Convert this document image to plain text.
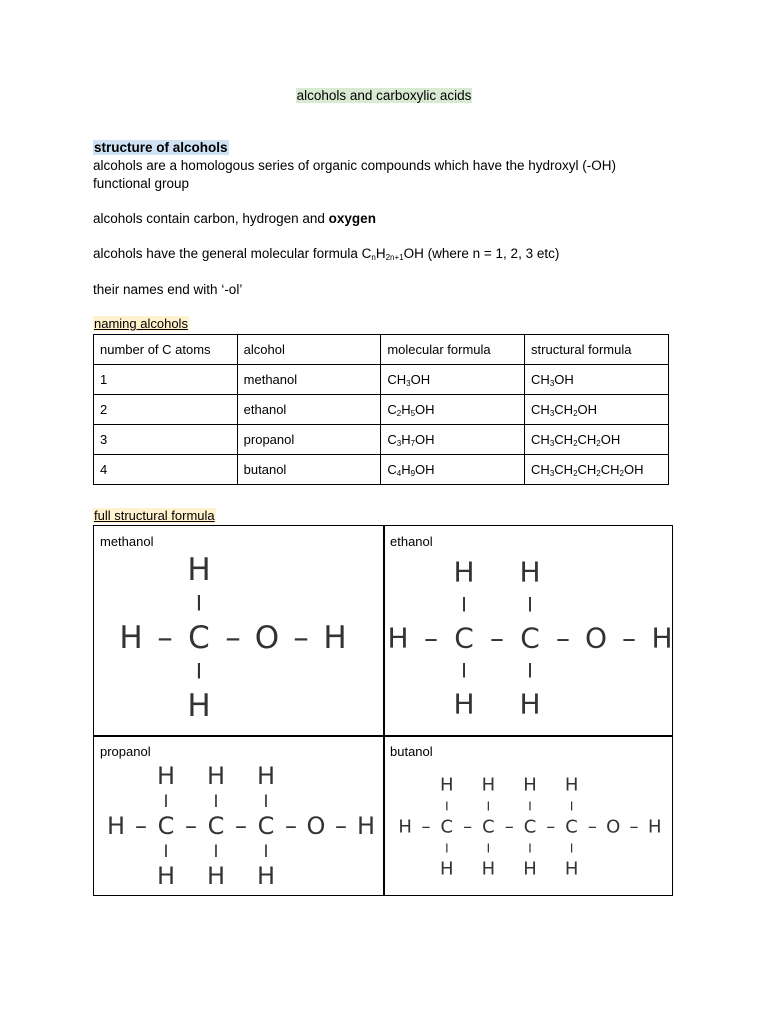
alcohols and carboxylic acids

structure of alcohols

alcohols are a homologous series of organic compounds which have the hydroxyl (-OH) functional group

alcohols contain carbon, hydrogen and oxygen

alcohols have the general molecular formula $C_nH_{2n+1}OH$ (where n = 1, 2, 3 etc)

their names end with ‘-ol’

naming alcohols

number of C atoms	alcohol	molecular formula	structural formula
1	methanol	$CH_3OH$	$CH_3OH$
2	ethanol	$C_2H_5OH$	$CH_3CH_2OH$
3	propanol	$C_3H_7OH$	$CH_3CH_2CH_2OH$
4	butanol	$C_4H_9OH$	$CH_3CH_2CH_2CH_2OH$

full structural formula

methanol
H – C –
I
H
I
H
O – H
ethanol
H – C –
I
H
I
H
C –
I
H
I
H
O – H
propanol
H – C –
I
H
I
H
C –
I
H
I
H
C –
I
H
I
H
O – H
butanol
H – C –
I
H
I
H
C –
I
H
I
H
C –
I
H
I
H
C –
I
H
I
H
O – H
